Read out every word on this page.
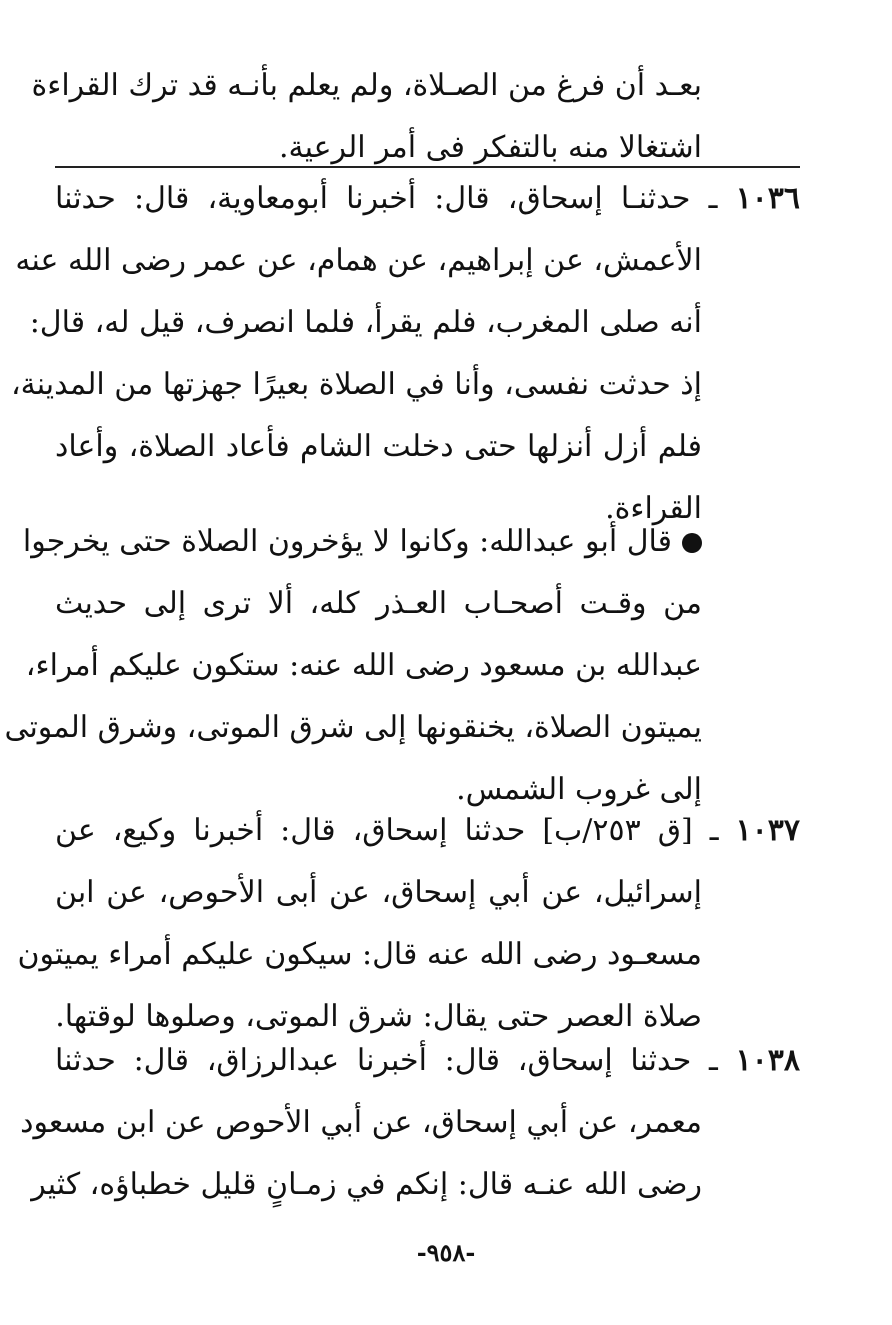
بعـد أن فرغ من الصـلاة، ولم يعلم بأنـه قد ترك القراءة
اشتغالا منه بالتفكر فى أمر الرعية.
١٠٣٦ ـ حدثنـا إسحاق، قال: أخبرنا أبومعاوية، قال: حدثنا
الأعمش، عن إبراهيم، عن همام، عن عمر رضى الله عنه
أنه صلى المغرب، فلم يقرأ، فلما انصرف، قيل له، قال:
إذ حدثت نفسى، وأنا في الصلاة بعيرًا جهزتها من المدينة،
فلم أزل أنزلها حتى دخلت الشام فأعاد الصلاة، وأعاد
القراءة.
قال أبو عبدالله: وكانوا لا يؤخرون الصلاة حتى يخرجوا
من وقـت أصحـاب العـذر كله، ألا ترى إلى حديث
عبدالله بن مسعود رضى الله عنه: ستكون عليكم أمراء،
يميتون الصلاة، يخنقونها إلى شرق الموتى، وشرق الموتى
إلى غروب الشمس.
١٠٣٧ ـ [ق ٢٥٣/ب] حدثنا إسحاق، قال: أخبرنا وكيع، عن
إسرائيل، عن أبي إسحاق، عن أبى الأحوص، عن ابن
مسعـود رضى الله عنه قال: سيكون عليكم أمراء يميتون
صلاة العصر حتى يقال: شرق الموتى، وصلوها لوقتها.
١٠٣٨ ـ حدثنا إسحاق، قال: أخبرنا عبدالرزاق، قال: حدثنا
معمر، عن أبي إسحاق، عن أبي الأحوص عن ابن مسعود
رضى الله عنـه قال: إنكم في زمـانٍ قليل خطباؤه، كثير
-٩٥٨-
